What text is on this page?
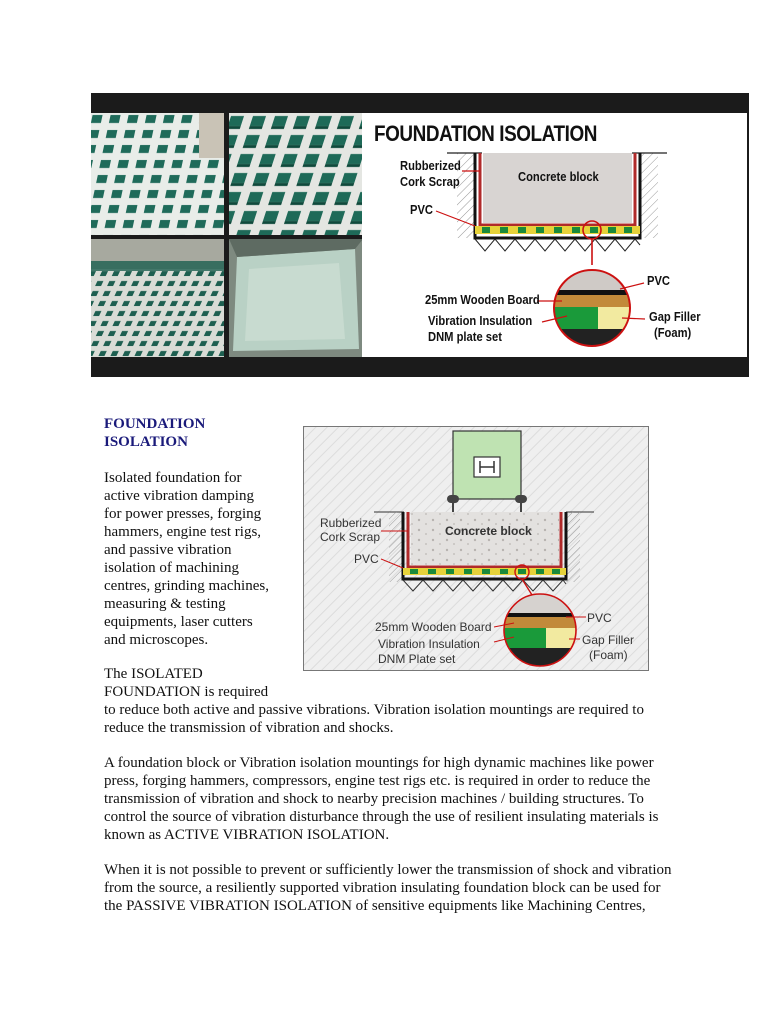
FOUNDATION ISOLATION
Rubberized
Cork Scrap	Concrete block
PVC
PVC
25mm Wooden Board
Vibration Insulation
DNM plate set
Gap Filler
(Foam)
FOUNDATION
ISOLATION
Isolated foundation for
active vibration damping
for power presses, forging
hammers, engine test rigs,
and passive vibration
isolation of machining
centres, grinding machines,
measuring & testing
equipments, laser cutters
and microscopes.
Rubberized
Cork Scrap	Concrete block
PVC
25mm Wooden Board
Vibration Insulation
DNM Plate set
PVC
Gap Filler
(Foam)
The ISOLATED
FOUNDATION is required
to reduce both active and passive vibrations. Vibration isolation mountings are required to
reduce the transmission of vibration and shocks.
A foundation block or Vibration isolation mountings for high dynamic machines like power
press, forging hammers, compressors, engine test rigs etc. is required in order to reduce the
transmission of vibration and shock to nearby precision machines / building structures. To
control the source of vibration disturbance through the use of resilient insulating materials is
known as ACTIVE VIBRATION ISOLATION.
When it is not possible to prevent or sufficiently lower the transmission of shock and vibration
from the source, a resiliently supported vibration insulating foundation block can be used for
the PASSIVE VIBRATION ISOLATION of sensitive equipments like Machining Centres,
